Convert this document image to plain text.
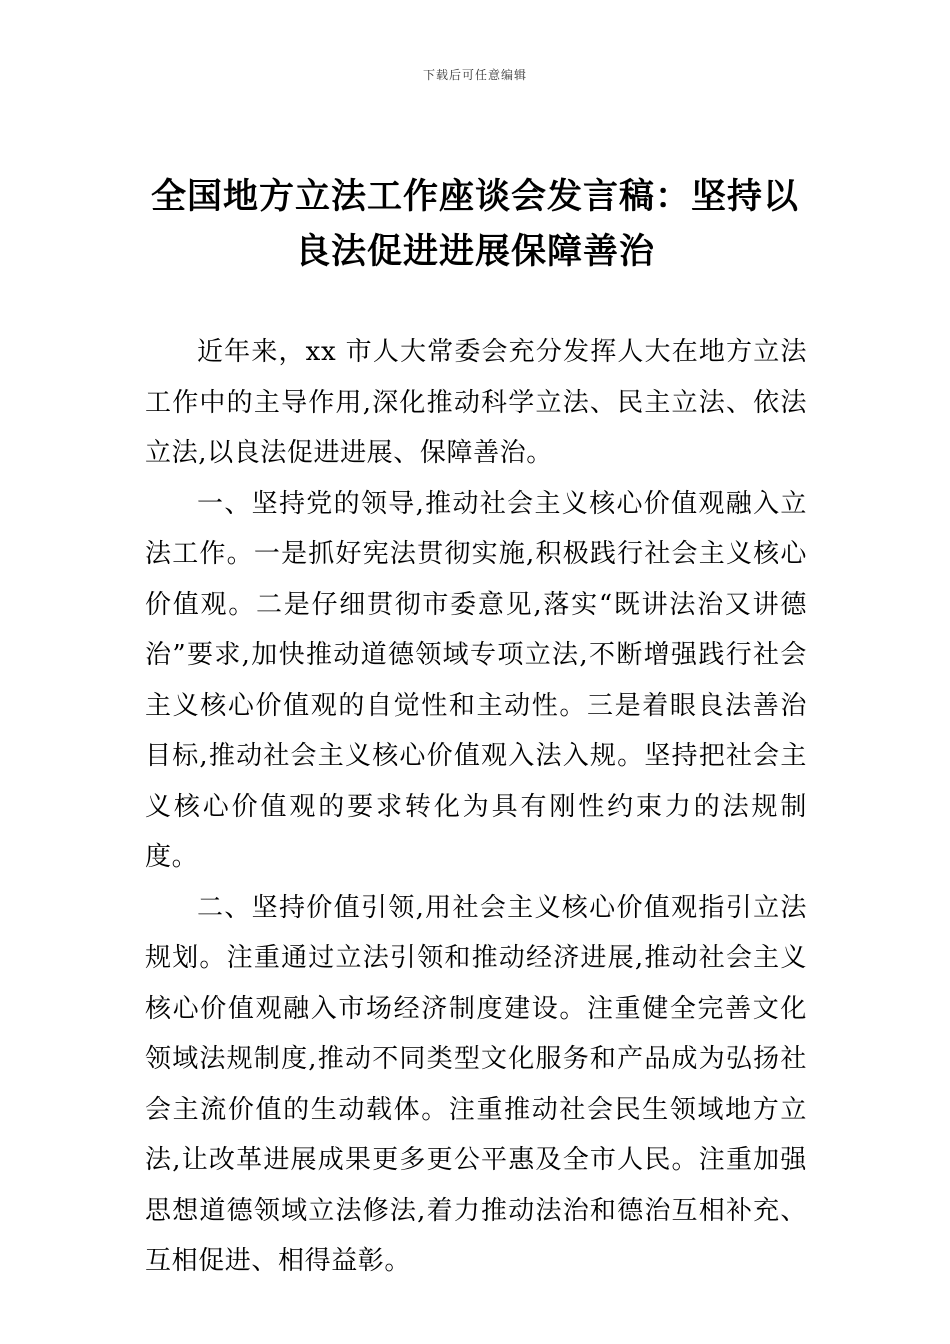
下载后可任意编辑
全国地方立法工作座谈会发言稿：坚持以
良法促进进展保障善治

近年来，xx 市人大常委会充分发挥人大在地方立法工作中的主导作用,深化推动科学立法、民主立法、依法立法,以良法促进进展、保障善治。

一、坚持党的领导,推动社会主义核心价值观融入立法工作。一是抓好宪法贯彻实施,积极践行社会主义核心价值观。二是仔细贯彻市委意见,落实“既讲法治又讲德治”要求,加快推动道德领域专项立法,不断增强践行社会主义核心价值观的自觉性和主动性。三是着眼良法善治目标,推动社会主义核心价值观入法入规。坚持把社会主义核心价值观的要求转化为具有刚性约束力的法规制度。

二、坚持价值引领,用社会主义核心价值观指引立法规划。注重通过立法引领和推动经济进展,推动社会主义核心价值观融入市场经济制度建设。注重健全完善文化领域法规制度,推动不同类型文化服务和产品成为弘扬社会主流价值的生动载体。注重推动社会民生领域地方立法,让改革进展成果更多更公平惠及全市人民。注重加强思想道德领域立法修法,着力推动法治和德治互相补充、互相促进、相得益彰。
